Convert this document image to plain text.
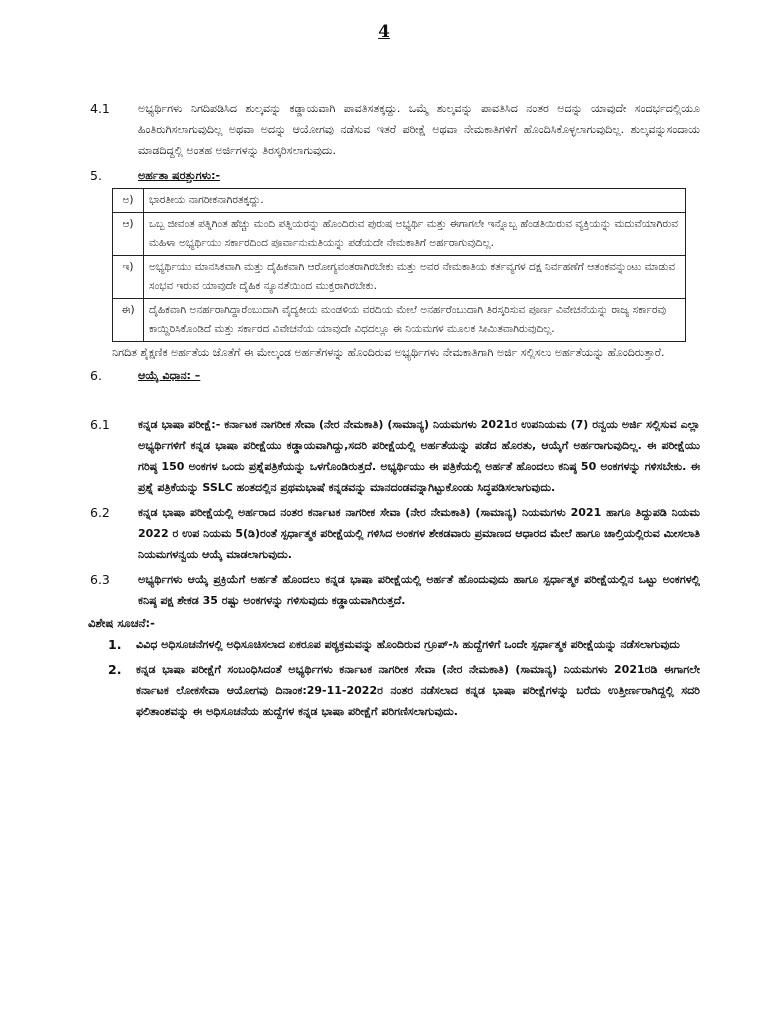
4
4.1	ಅಭ್ಯರ್ಥಿಗಳು ನಿಗದಿಪಡಿಸಿದ ಶುಲ್ಕವನ್ನು ಕಡ್ಡಾಯವಾಗಿ ಪಾವತಿಸತಕ್ಕದ್ದು. ಒಮ್ಮೆ ಶುಲ್ಕವನ್ನು ಪಾವತಿಸಿದ ನಂತರ ಅದನ್ನು ಯಾವುದೇ ಸಂದರ್ಭದಲ್ಲಿಯೂ ಹಿಂತಿರುಗಿಸಲಾಗುವುದಿಲ್ಲ ಅಥವಾ ಅದನ್ನು ಆಯೋಗವು ನಡೆಸುವ ಇತರೆ ಪರೀಕ್ಷೆ ಅಥವಾ ನೇಮಕಾತಿಗಳಿಗೆ ಹೊಂದಿಸಿಕೊಳ್ಳಲಾಗುವುದಿಲ್ಲ. ಶುಲ್ಕವನ್ನುಸಂದಾಯ ಮಾಡದಿದ್ದಲ್ಲಿ ಅಂತಹ ಅರ್ಜಿಗಳನ್ನು ತಿರಸ್ಕರಿಸಲಾಗುವುದು.
5.	ಅರ್ಹತಾ ಷರತ್ತುಗಳು:-
ಅ)	ಭಾರತೀಯ ನಾಗರೀಕನಾಗಿರತಕ್ಕದ್ದು.
ಆ)	ಒಬ್ಬ ಜೀವಂತ ಪತ್ನಿಗಿಂತ ಹೆಚ್ಚು ಮಂದಿ ಪತ್ನಿಯರನ್ನು ಹೊಂದಿರುವ ಪುರುಷ ಅಭ್ಯರ್ಥಿ ಮತ್ತು ಈಗಾಗಲೇ ಇನ್ನೊಬ್ಬ ಹೆಂಡತಿಯಿರುವ ವ್ಯಕ್ತಿಯನ್ನು ಮದುವೆಯಾಗಿರುವ ಮಹಿಳಾ ಅಭ್ಯರ್ಥಿಯು ಸರ್ಕಾರದಿಂದ ಪೂರ್ವಾನುಮತಿಯನ್ನು ಪಡೆಯದೇ ನೇಮಕಾತಿಗೆ ಅರ್ಹರಾಗುವುದಿಲ್ಲ.
ಇ)	ಅಭ್ಯರ್ಥಿಯು ಮಾನಸಿಕವಾಗಿ ಮತ್ತು ದೈಹಿಕವಾಗಿ ಆರೋಗ್ಯವಂತರಾಗಿರಬೇಕು ಮತ್ತು ಅವರ ನೇಮಕಾತಿಯ ಕರ್ತವ್ಯಗಳ ದಕ್ಷ ನಿರ್ವಹಣೆಗೆ ಆತಂಕವನ್ನುಂಟು ಮಾಡುವ ಸಂಭವ ಇರುವ ಯಾವುದೇ ದೈಹಿಕ ನ್ಯೂನತೆಯಿಂದ ಮುಕ್ತರಾಗಿರಬೇಕು.
ಈ)	ದೈಹಿಕವಾಗಿ ಅನರ್ಹರಾಗಿದ್ದಾರೆಂಬುದಾಗಿ ವೈದ್ಯಕೀಯ ಮಂಡಳಿಯ ವರದಿಯ ಮೇಲೆ ಅನರ್ಹರೆಂಬುದಾಗಿ ತಿರಸ್ಕರಿಸುವ ಪೂರ್ಣ ವಿವೇಚನೆಯನ್ನು ರಾಜ್ಯ ಸರ್ಕಾರವು ಕಾಯ್ದಿರಿಸಿಕೊಂಡಿದೆ ಮತ್ತು ಸರ್ಕಾರದ ವಿವೇಚನೆಯ ಯಾವುದೇ ವಿಧದಲ್ಲೂ ಈ ನಿಯಮಗಳ ಮೂಲಕ ಸೀಮಿತವಾಗಿರುವುದಿಲ್ಲ.

ನಿಗದಿತ ಶೈಕ್ಷಣಿಕ ಅರ್ಹತೆಯ ಜೊತೆಗೆ ಈ ಮೇಲ್ಕಂಡ ಅರ್ಹತೆಗಳನ್ನು ಹೊಂದಿರುವ ಅಭ್ಯರ್ಥಿಗಳು ನೇಮಕಾತಿಗಾಗಿ ಅರ್ಜಿ ಸಲ್ಲಿಸಲು ಅರ್ಹತೆಯನ್ನು ಹೊಂದಿರುತ್ತಾರೆ.

6.	ಆಯ್ಕೆ ವಿಧಾನ: –
6.1	ಕನ್ನಡ ಭಾಷಾ ಪರೀಕ್ಷೆ:- ಕರ್ನಾಟಕ ನಾಗರೀಕ ಸೇವಾ (ನೇರ ನೇಮಕಾತಿ) (ಸಾಮಾನ್ಯ) ನಿಯಮಗಳು 2021ರ ಉಪನಿಯಮ (7) ರನ್ವಯ ಅರ್ಜಿ ಸಲ್ಲಿಸುವ ಎಲ್ಲಾ ಅಭ್ಯರ್ಥಿಗಳಿಗೆ ಕನ್ನಡ ಭಾಷಾ ಪರೀಕ್ಷೆಯು ಕಡ್ಡಾಯವಾಗಿದ್ದು,ಸದರಿ ಪರೀಕ್ಷೆಯಲ್ಲಿ ಅರ್ಹತೆಯನ್ನು ಪಡೆದ ಹೊರತು, ಆಯ್ಕೆಗೆ ಅರ್ಹರಾಗುವುದಿಲ್ಲ. ಈ ಪರೀಕ್ಷೆಯು ಗರಿಷ್ಠ 150 ಅಂಕಗಳ ಒಂದು ಪ್ರಶ್ನೆಪತ್ರಿಕೆಯನ್ನು ಒಳಗೊಂಡಿರುತ್ತದೆ. ಅಭ್ಯರ್ಥಿಯು ಈ ಪತ್ರಿಕೆಯಲ್ಲಿ ಅರ್ಹತೆ ಹೊಂದಲು ಕನಿಷ್ಠ 50 ಅಂಕಗಳನ್ನು ಗಳಿಸಬೇಕು. ಈ ಪ್ರಶ್ನೆ ಪತ್ರಿಕೆಯನ್ನು SSLC ಹಂತದಲ್ಲಿನ ಪ್ರಥಮಭಾಷೆ ಕನ್ನಡವನ್ನು ಮಾನದಂಡವನ್ನಾಗಿಟ್ಟುಕೊಂಡು ಸಿದ್ಧಪಡಿಸಲಾಗುವುದು.
6.2	ಕನ್ನಡ ಭಾಷಾ ಪರೀಕ್ಷೆಯಲ್ಲಿ ಅರ್ಹರಾದ ನಂತರ ಕರ್ನಾಟಕ ನಾಗರೀಕ ಸೇವಾ (ನೇರ ನೇಮಕಾತಿ) (ಸಾಮಾನ್ಯ) ನಿಯಮಗಳು 2021 ಹಾಗೂ ತಿದ್ದುಪಡಿ ನಿಯಮ 2022 ರ ಉಪ ನಿಯಮ 5(ಡಿ)ರಂತೆ ಸ್ಪರ್ಧಾತ್ಮಕ ಪರೀಕ್ಷೆಯಲ್ಲಿ ಗಳಿಸಿದ ಅಂಕಗಳ ಶೇಕಡವಾರು ಪ್ರಮಾಣದ ಆಧಾರದ ಮೇಲೆ ಹಾಗೂ ಚಾಲ್ತಿಯಲ್ಲಿರುವ ಮೀಸಲಾತಿ ನಿಯಮಗಳನ್ವಯ ಆಯ್ಕೆ ಮಾಡಲಾಗುವುದು.
6.3	ಅಭ್ಯರ್ಥಿಗಳು ಆಯ್ಕೆ ಪ್ರಕ್ರಿಯೆಗೆ ಅರ್ಹತೆ ಹೊಂದಲು ಕನ್ನಡ ಭಾಷಾ ಪರೀಕ್ಷೆಯಲ್ಲಿ ಅರ್ಹತೆ ಹೊಂದುವುದು ಹಾಗೂ ಸ್ಪರ್ಧಾತ್ಮಕ ಪರೀಕ್ಷೆಯಲ್ಲಿನ ಒಟ್ಟು ಅಂಕಗಳಲ್ಲಿ ಕನಿಷ್ಠ ಪಕ್ಷ ಶೇಕಡ 35 ರಷ್ಟು ಅಂಕಗಳನ್ನು ಗಳಿಸುವುದು ಕಡ್ಡಾಯವಾಗಿರುತ್ತದೆ.
ವಿಶೇಷ ಸೂಚನೆ:-
1.	ವಿವಿಧ ಅಧಿಸೂಚನೆಗಳಲ್ಲಿ ಅಧಿಸೂಚಿಸಲಾದ ಏಕರೂಪ ಪಠ್ಯಕ್ರಮವನ್ನು ಹೊಂದಿರುವ ಗ್ರೂಪ್-ಸಿ ಹುದ್ದೆಗಳಿಗೆ ಒಂದೇ ಸ್ಪರ್ಧಾತ್ಮಕ ಪರೀಕ್ಷೆಯನ್ನು ನಡೆಸಲಾಗುವುದು
2.	ಕನ್ನಡ ಭಾಷಾ ಪರೀಕ್ಷೆಗೆ ಸಂಬಂಧಿಸಿದಂತೆ ಅಭ್ಯರ್ಥಿಗಳು ಕರ್ನಾಟಕ ನಾಗರೀಕ ಸೇವಾ (ನೇರ ನೇಮಕಾತಿ) (ಸಾಮಾನ್ಯ) ನಿಯಮಗಳು 2021ರಡಿ ಈಗಾಗಲೇ ಕರ್ನಾಟಕ ಲೋಕಸೇವಾ ಆಯೋಗವು ದಿನಾಂಕ:29-11-2022ರ ನಂತರ ನಡೆಸಲಾದ ಕನ್ನಡ ಭಾಷಾ ಪರೀಕ್ಷೆಗಳನ್ನು ಬರೆದು ಉತ್ತೀರ್ಣರಾಗಿದ್ದಲ್ಲಿ ಸದರಿ ಫಲಿತಾಂಶವನ್ನು ಈ ಅಧಿಸೂಚನೆಯ ಹುದ್ದೆಗಳ ಕನ್ನಡ ಭಾಷಾ ಪರೀಕ್ಷೆಗೆ ಪರಿಗಣಿಸಲಾಗುವುದು.
